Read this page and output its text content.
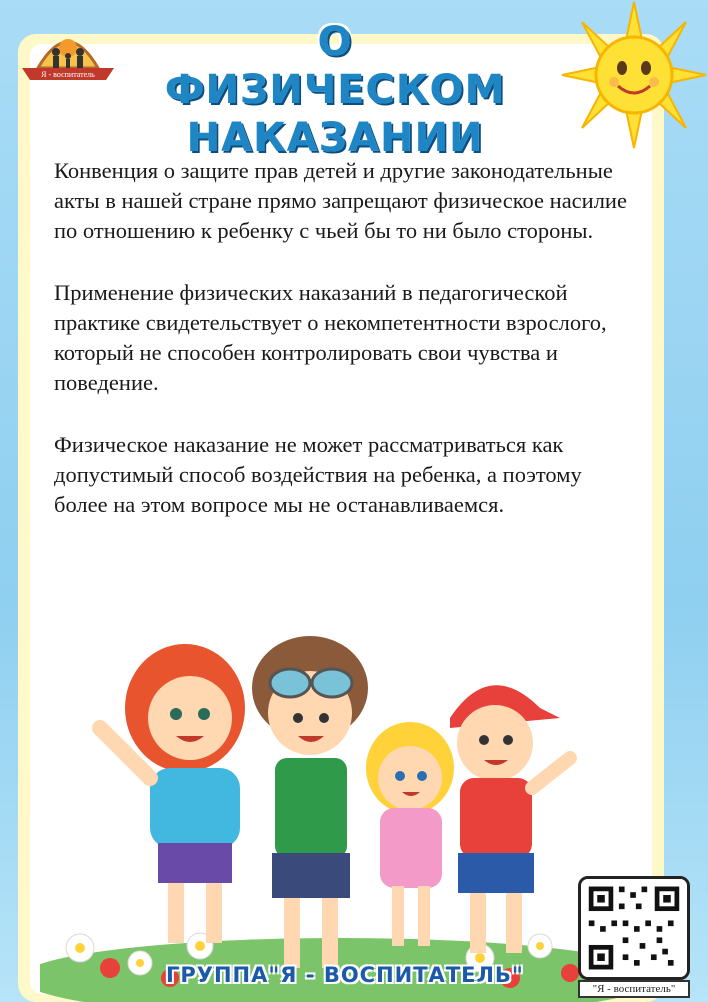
Я - воспитатель
О ФИЗИЧЕСКОМ
НАКАЗАНИИ

Конвенция о защите прав детей и другие законодательные акты в нашей стране прямо запрещают физическое насилие по отношению к ребенку с чьей бы то ни было стороны.

Применение физических наказаний в педагогической практике свидетельствует о некомпетентности взрослого, который не способен контролировать свои чувства и поведение.

Физическое наказание не может рассматриваться как допустимый способ воздействия на ребенка, а поэтому более на этом вопросе мы не останавливаемся.

ГРУППА"Я - ВОСПИТАТЕЛЬ"
"Я - воспитатель"
